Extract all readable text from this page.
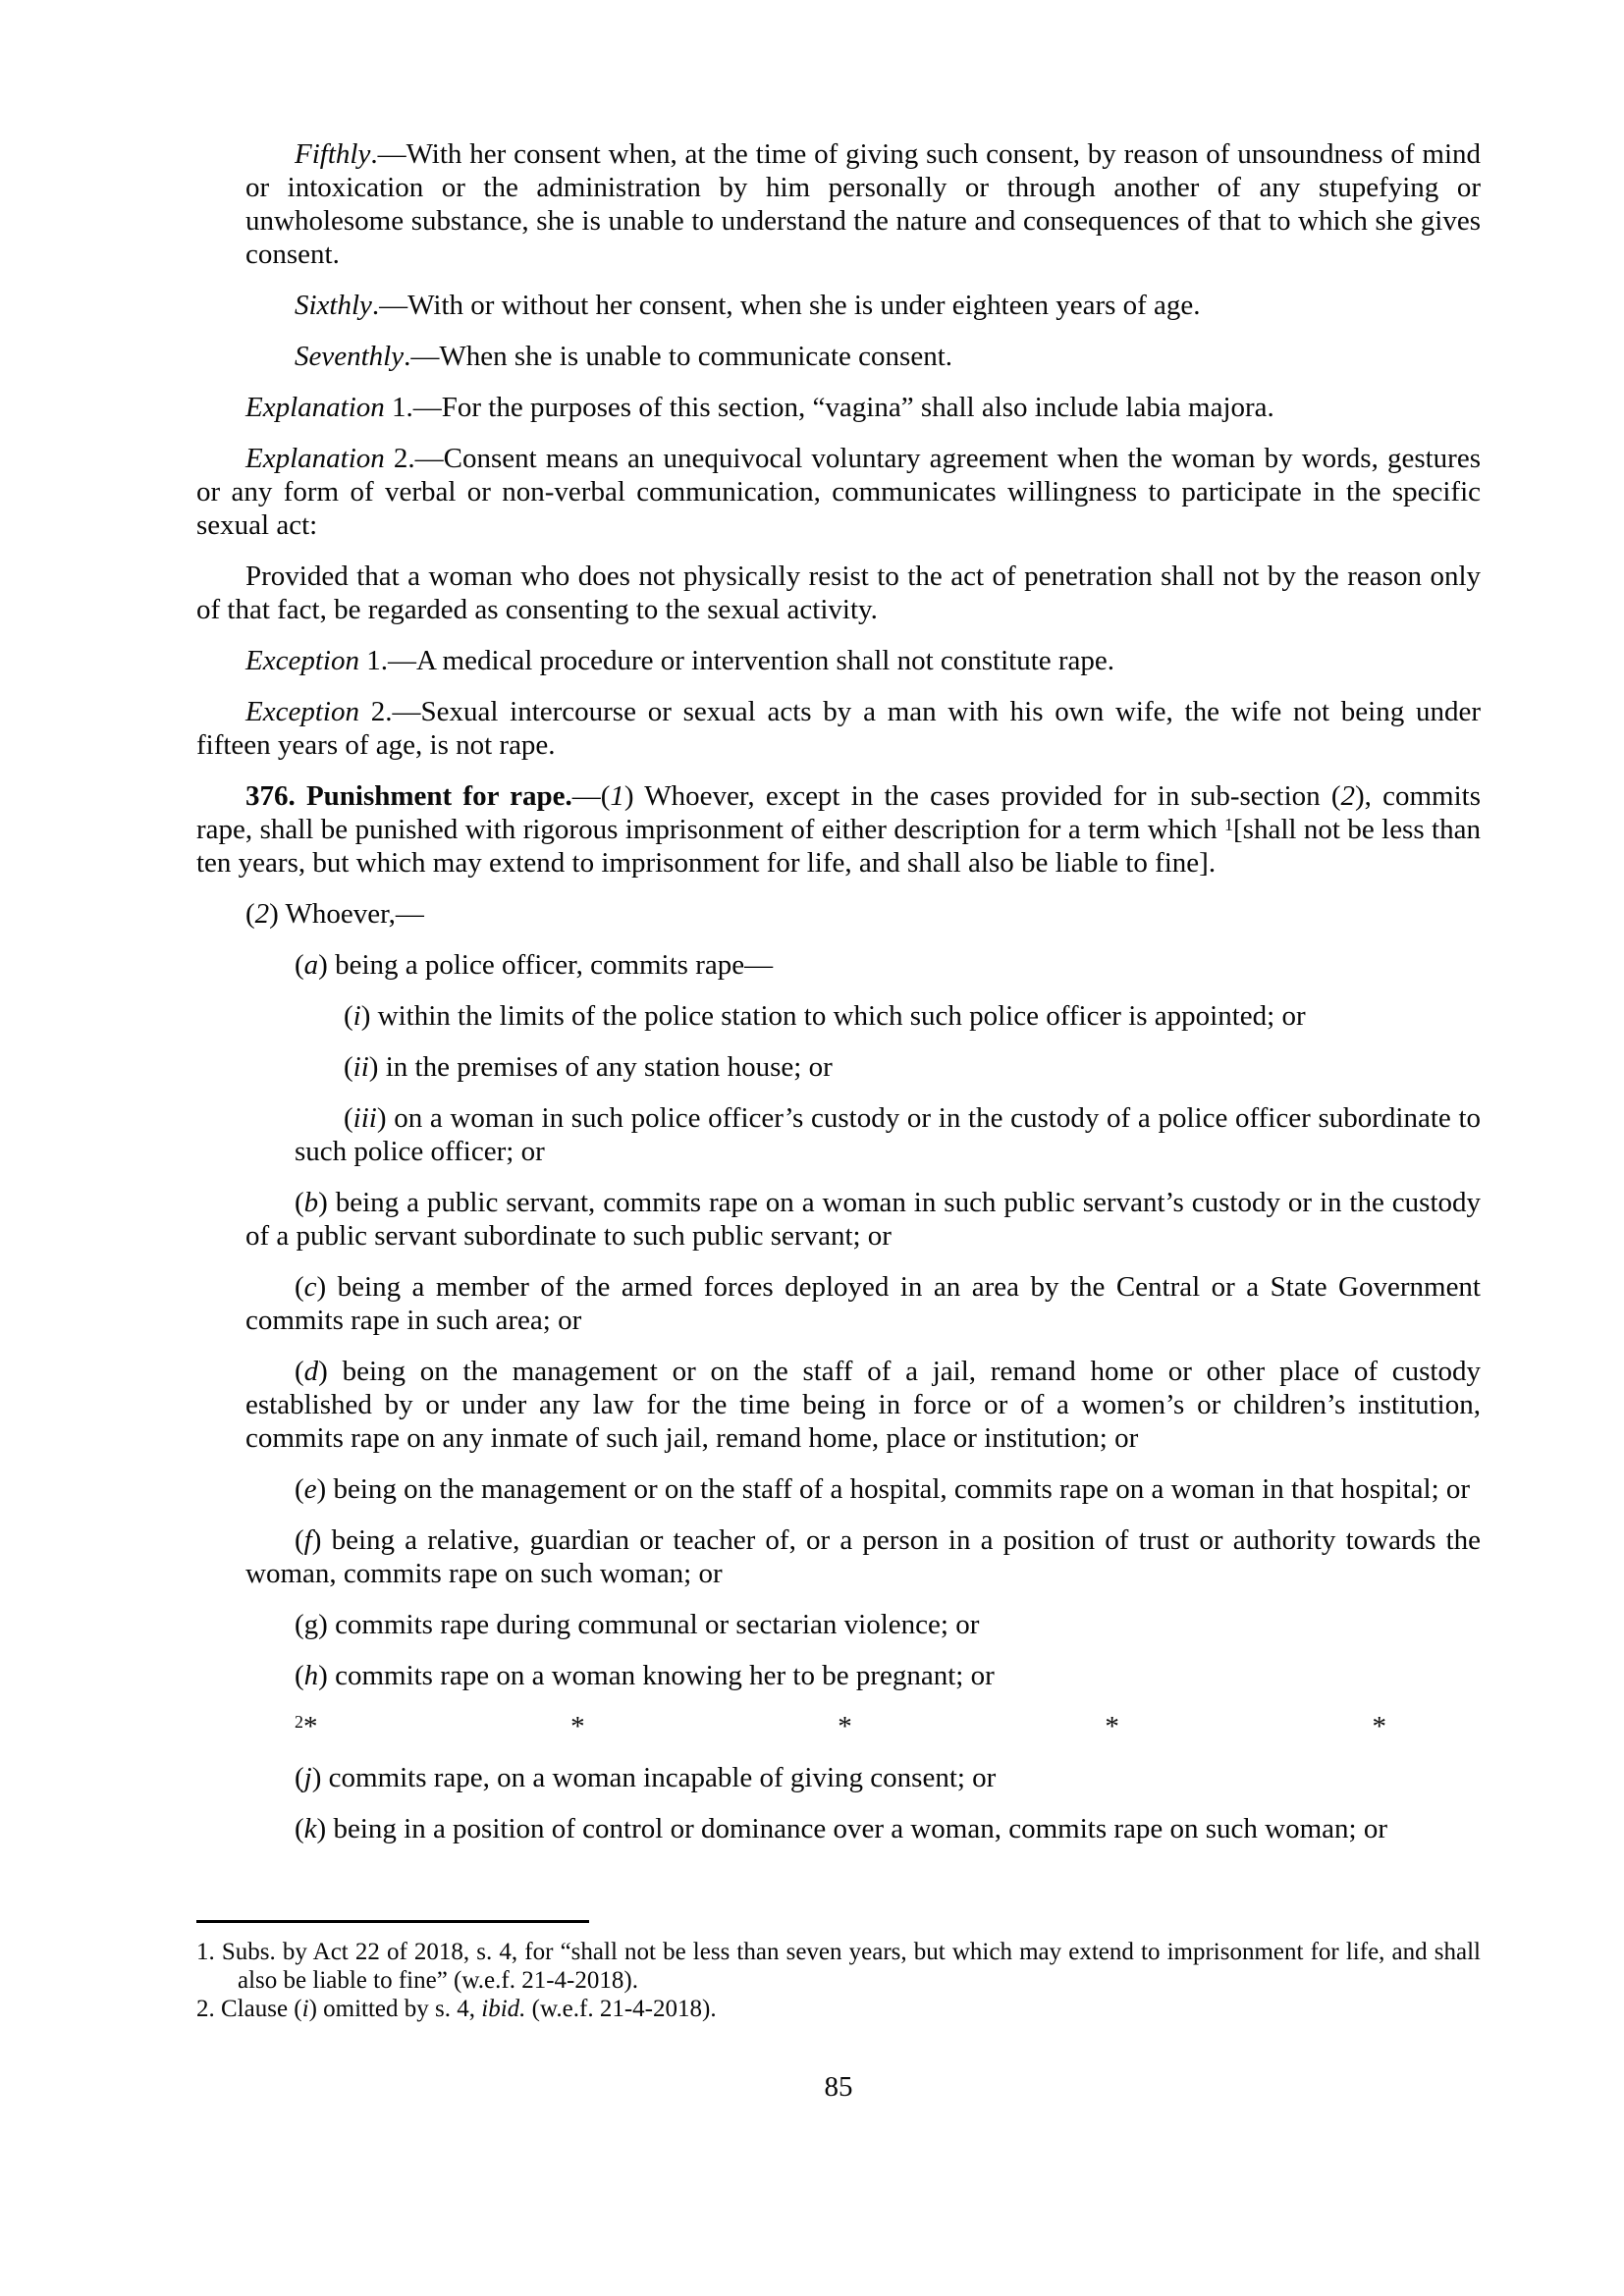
Fifthly.—With her consent when, at the time of giving such consent, by reason of unsoundness of mind or intoxication or the administration by him personally or through another of any stupefying or unwholesome substance, she is unable to understand the nature and consequences of that to which she gives consent.

Sixthly.—With or without her consent, when she is under eighteen years of age.

Seventhly.—When she is unable to communicate consent.

Explanation 1.—For the purposes of this section, “vagina” shall also include labia majora.

Explanation 2.—Consent means an unequivocal voluntary agreement when the woman by words, gestures or any form of verbal or non-verbal communication, communicates willingness to participate in the specific sexual act:

Provided that a woman who does not physically resist to the act of penetration shall not by the reason only of that fact, be regarded as consenting to the sexual activity.

Exception 1.—A medical procedure or intervention shall not constitute rape.

Exception 2.—Sexual intercourse or sexual acts by a man with his own wife, the wife not being under fifteen years of age, is not rape.

376. Punishment for rape.—(1) Whoever, except in the cases provided for in sub-section (2), commits rape, shall be punished with rigorous imprisonment of either description for a term which $^1$[shall not be less than ten years, but which may extend to imprisonment for life, and shall also be liable to fine].

(2) Whoever,—

(a) being a police officer, commits rape—

(i) within the limits of the police station to which such police officer is appointed; or

(ii) in the premises of any station house; or

(iii) on a woman in such police officer’s custody or in the custody of a police officer subordinate to such police officer; or

(b) being a public servant, commits rape on a woman in such public servant’s custody or in the custody of a public servant subordinate to such public servant; or

(c) being a member of the armed forces deployed in an area by the Central or a State Government commits rape in such area; or

(d) being on the management or on the staff of a jail, remand home or other place of custody established by or under any law for the time being in force or of a women’s or children’s institution, commits rape on any inmate of such jail, remand home, place or institution; or

(e) being on the management or on the staff of a hospital, commits rape on a woman in that hospital; or

(f) being a relative, guardian or teacher of, or a person in a position of trust or authority towards the woman, commits rape on such woman; or

(g) commits rape during communal or sectarian violence; or

(h) commits rape on a woman knowing her to be pregnant; or

$^2$*	*	*	*	*

(j) commits rape, on a woman incapable of giving consent; or

(k) being in a position of control or dominance over a woman, commits rape on such woman; or

1. Subs. by Act 22 of 2018, s. 4, for “shall not be less than seven years, but which may extend to imprisonment for life, and shall also be liable to fine” (w.e.f. 21-4-2018).

2. Clause (i) omitted by s. 4, ibid. (w.e.f. 21-4-2018).

85
